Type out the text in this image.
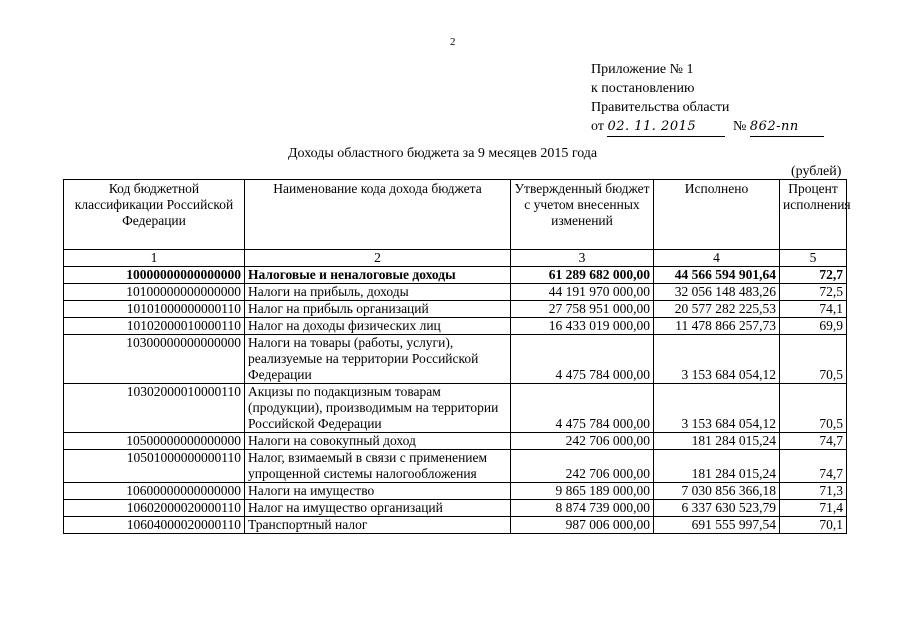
2
Приложение № 1
к постановлению
Правительства области
от 02. 11. 2015	№ 862-пп
Доходы областного бюджета за 9 месяцев 2015 года
(рублей)
Код бюджетной классификации Российской Федерации	Наименование кода дохода бюджета	Утвержденный бюджет с учетом внесенных изменений	Исполнено	Процент исполнения
1	2	3	4	5
10000000000000000	Налоговые и неналоговые доходы	61 289 682 000,00	44 566 594 901,64	72,7
10100000000000000	Налоги на прибыль, доходы	44 191 970 000,00	32 056 148 483,26	72,5
10101000000000110	Налог на прибыль организаций	27 758 951 000,00	20 577 282 225,53	74,1
10102000010000110	Налог на доходы физических лиц	16 433 019 000,00	11 478 866 257,73	69,9
10300000000000000	Налоги на товары (работы, услуги), реализуемые на территории Российской Федерации	4 475 784 000,00	3 153 684 054,12	70,5
10302000010000110	Акцизы по подакцизным товарам (продукции), производимым на территории Российской Федерации	4 475 784 000,00	3 153 684 054,12	70,5
10500000000000000	Налоги на совокупный доход	242 706 000,00	181 284 015,24	74,7
10501000000000110	Налог, взимаемый в связи с применением упрощенной системы налогообложения	242 706 000,00	181 284 015,24	74,7
10600000000000000	Налоги на имущество	9 865 189 000,00	7 030 856 366,18	71,3
10602000020000110	Налог на имущество организаций	8 874 739 000,00	6 337 630 523,79	71,4
10604000020000110	Транспортный налог	987 006 000,00	691 555 997,54	70,1
